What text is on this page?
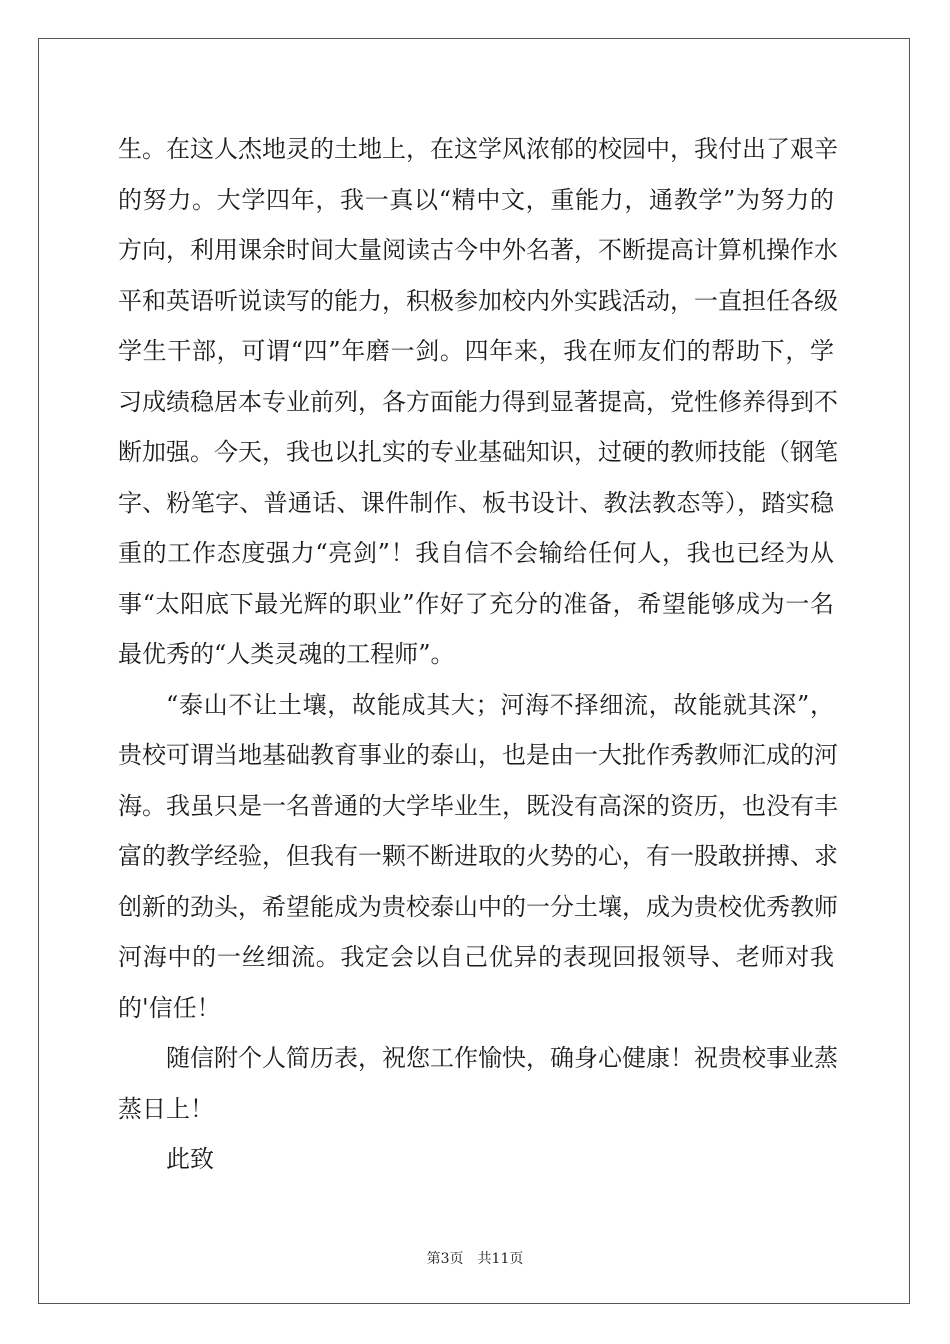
生。在这人杰地灵的土地上，在这学风浓郁的校园中，我付出了艰辛
的努力。大学四年，我一真以“精中文，重能力，通教学”为努力的
方向，利用课余时间大量阅读古今中外名著，不断提高计算机操作水
平和英语听说读写的能力，积极参加校内外实践活动，一直担任各级
学生干部，可谓“四”年磨一剑。四年来，我在师友们的帮助下，学
习成绩稳居本专业前列，各方面能力得到显著提高，党性修养得到不
断加强。今天，我也以扎实的专业基础知识，过硬的教师技能（钢笔
字、粉笔字、普通话、课件制作、板书设计、教法教态等），踏实稳
重的工作态度强力“亮剑”！我自信不会输给任何人，我也已经为从
事“太阳底下最光辉的职业”作好了充分的准备，希望能够成为一名
最优秀的“人类灵魂的工程师”。
“泰山不让土壤，故能成其大；河海不择细流，故能就其深”，
贵校可谓当地基础教育事业的泰山，也是由一大批作秀教师汇成的河
海。我虽只是一名普通的大学毕业生，既没有高深的资历，也没有丰
富的教学经验，但我有一颗不断进取的火势的心，有一股敢拼搏、求
创新的劲头，希望能成为贵校泰山中的一分土壤，成为贵校优秀教师
河海中的一丝细流。我定会以自己优异的表现回报领导、老师对我
的'信任！
随信附个人简历表，祝您工作愉快，确身心健康！祝贵校事业蒸
蒸日上！
此致
第3页 共11页
